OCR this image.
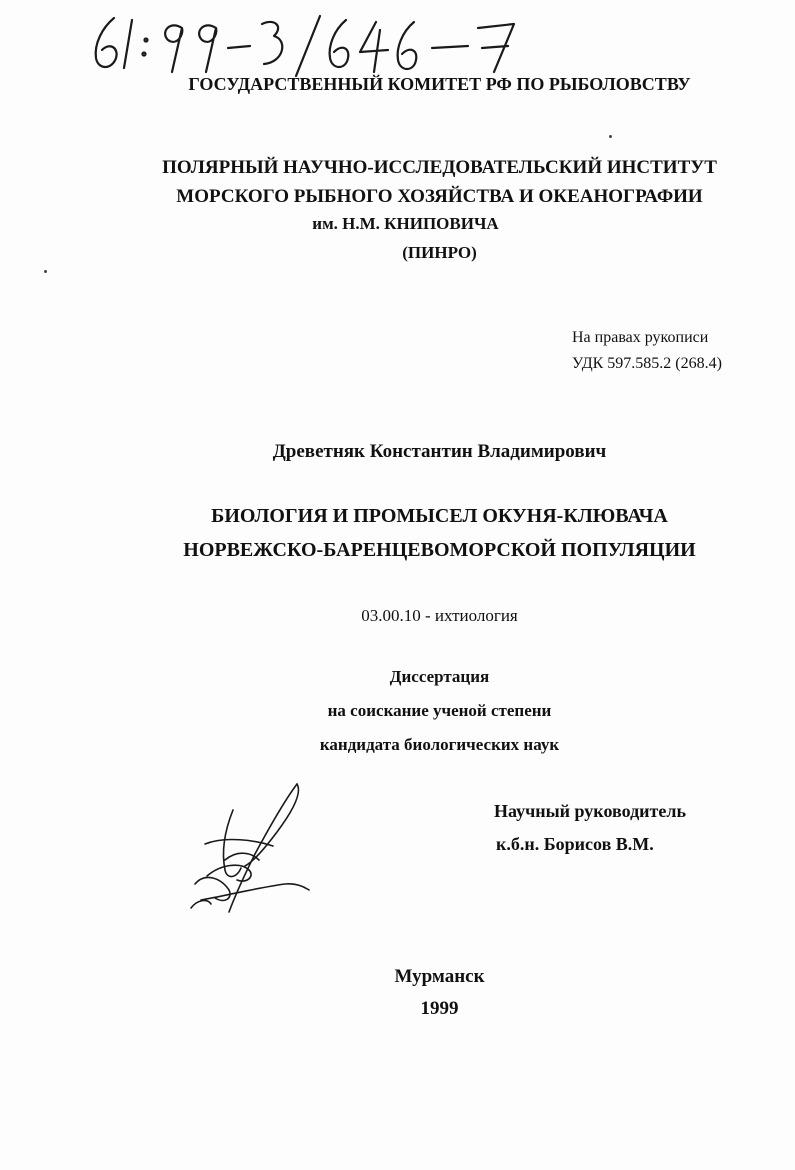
ГОСУДАРСТВЕННЫЙ КОМИТЕТ РФ ПО РЫБОЛОВСТВУ
ПОЛЯРНЫЙ НАУЧНО-ИССЛЕДОВАТЕЛЬСКИЙ ИНСТИТУТ
МОРСКОГО РЫБНОГО ХОЗЯЙСТВА И ОКЕАНОГРАФИИ
им. Н.М. КНИПОВИЧА
(ПИНРО)
На правах рукописи
УДК 597.585.2 (268.4)
Древетняк Константин Владимирович
БИОЛОГИЯ И ПРОМЫСЕЛ ОКУНЯ-КЛЮВАЧА
НОРВЕЖСКО-БАРЕНЦЕВОМОРСКОЙ ПОПУЛЯЦИИ
03.00.10 - ихтиология
Диссертация
на соискание ученой степени
кандидата биологических наук
Научный руководитель
к.б.н. Борисов В.М.
Мурманск
1999
